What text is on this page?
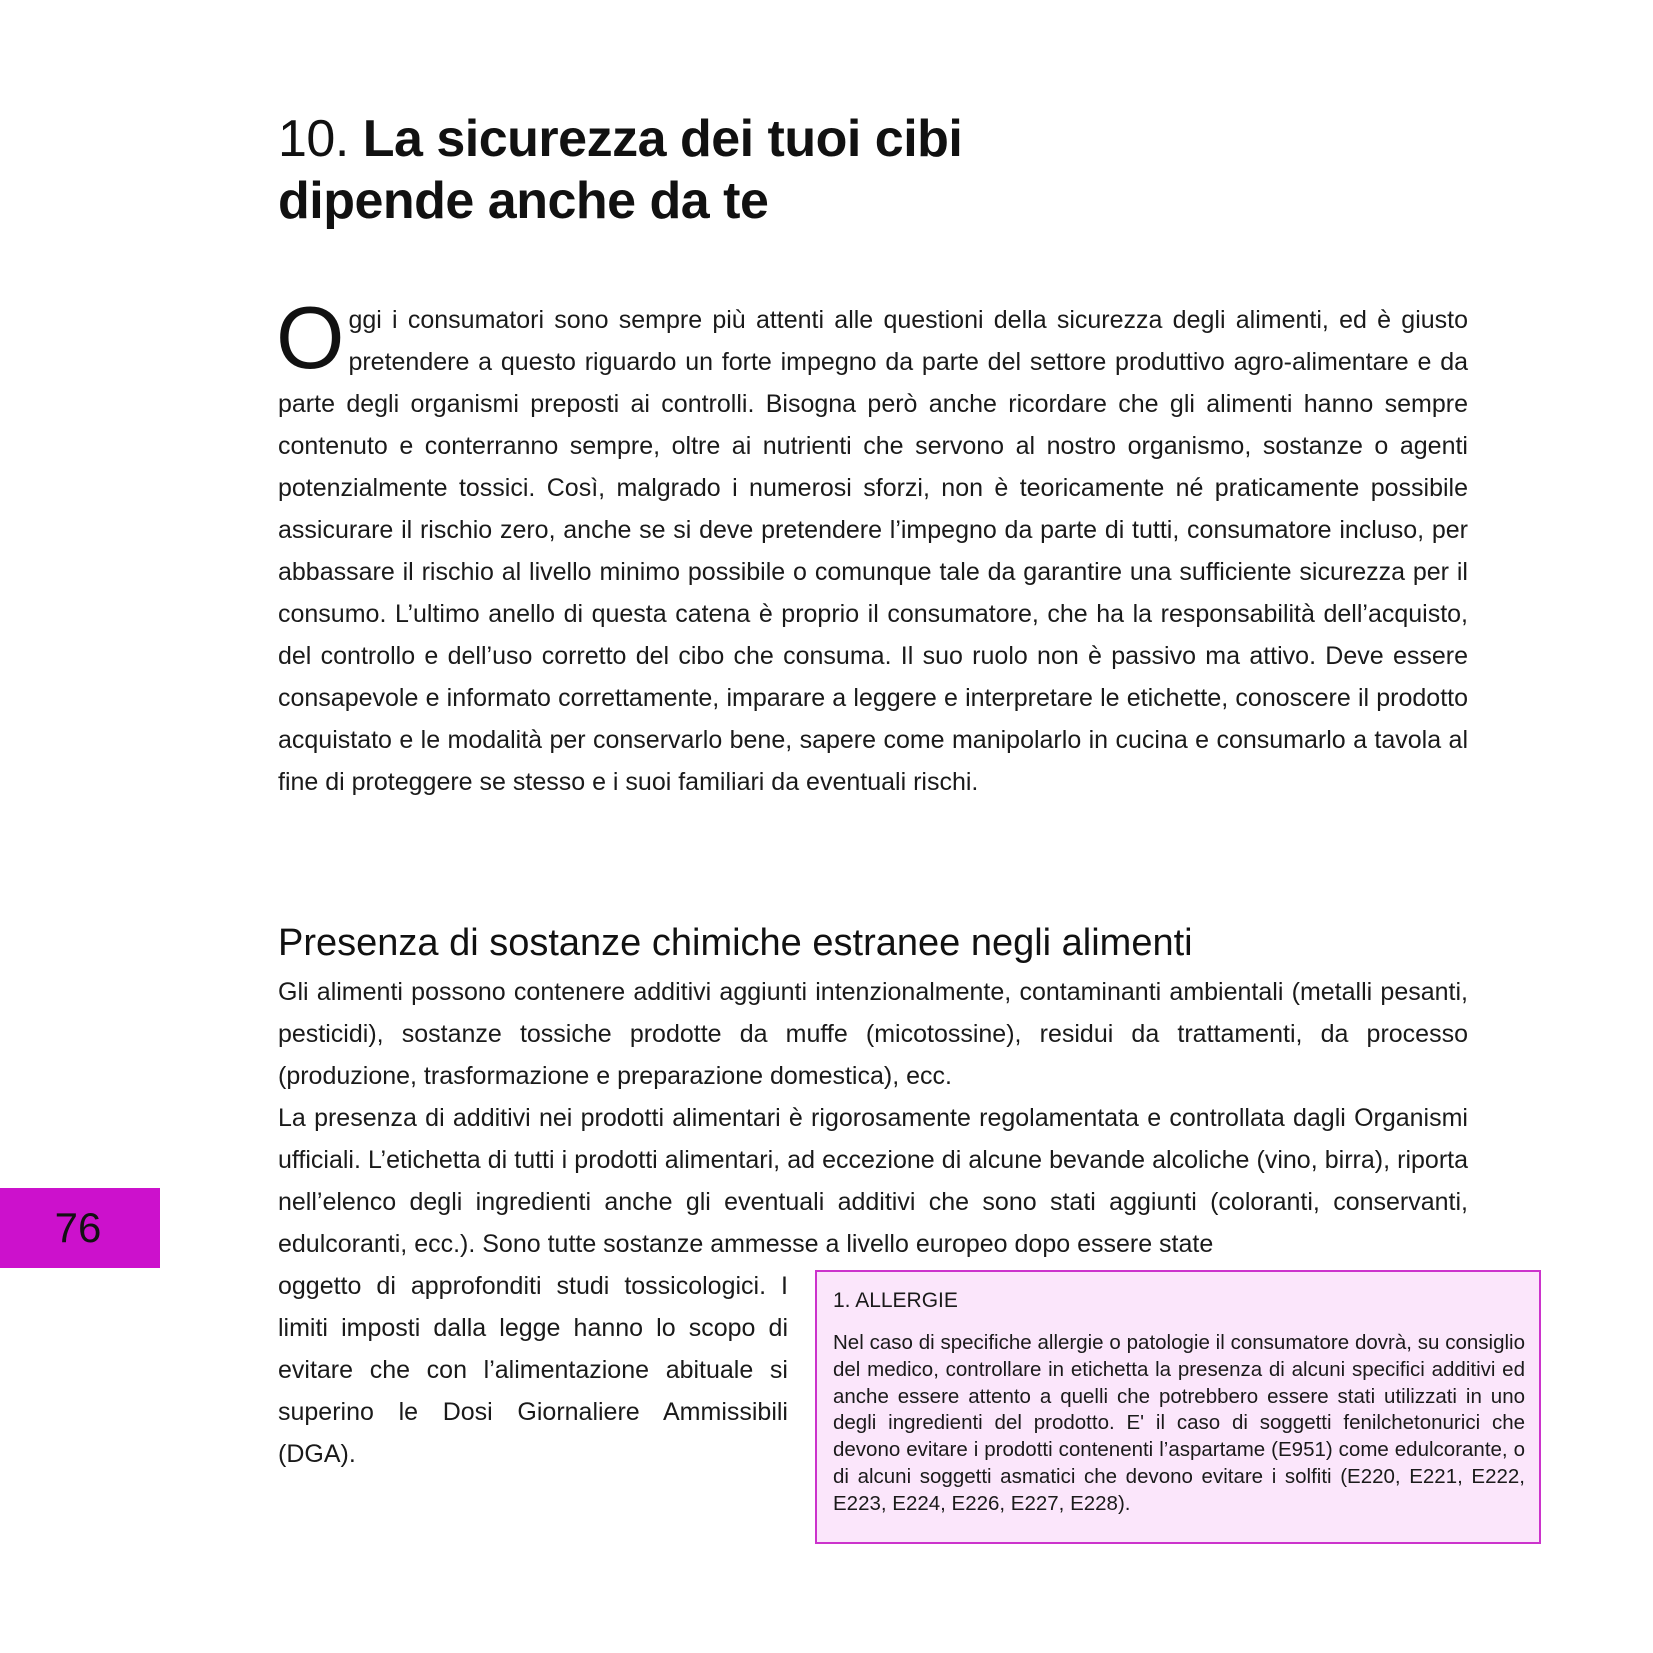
10. La sicurezza dei tuoi cibi
dipende anche da te
Oggi i consumatori sono sempre più attenti alle questioni della sicurezza degli alimenti, ed è giusto pretendere a questo riguardo un forte impegno da parte del settore produttivo agro-alimentare e da parte degli organismi preposti ai controlli. Bisogna però anche ricordare che gli alimenti hanno sempre contenuto e conterranno sempre, oltre ai nutrienti che servono al nostro organismo, sostanze o agenti potenzialmente tossici. Così, malgrado i numerosi sforzi, non è teoricamente né praticamente possibile assicurare il rischio zero, anche se si deve pretendere l’impegno da parte di tutti, consumatore incluso, per abbassare il rischio al livello minimo possibile o comunque tale da garantire una sufficiente sicurezza per il consumo. L’ultimo anello di questa catena è proprio il consumatore, che ha la responsabilità dell’acquisto, del controllo e dell’uso corretto del cibo che consuma. Il suo ruolo non è passivo ma attivo. Deve essere consapevole e informato correttamente, imparare a leggere e interpretare le etichette, conoscere il prodotto acquistato e le modalità per conservarlo bene, sapere come manipolarlo in cucina e consumarlo a tavola al fine di proteggere se stesso e i suoi familiari da eventuali rischi.
Presenza di sostanze chimiche estranee negli alimenti

Gli alimenti possono contenere additivi aggiunti intenzionalmente, contaminanti ambientali (metalli pesanti, pesticidi), sostanze tossiche prodotte da muffe (micotossine), residui da trattamenti, da processo (produzione, trasformazione e preparazione domestica), ecc.

La presenza di additivi nei prodotti alimentari è rigorosamente regolamentata e controllata dagli Organismi ufficiali. L’etichetta di tutti i prodotti alimentari, ad eccezione di alcune bevande alcoliche (vino, birra), riporta nell’elenco degli ingredienti anche gli eventuali additivi che sono stati aggiunti (coloranti, conservanti, edulcoranti, ecc.). Sono tutte sostanze ammesse a livello europeo dopo essere state

oggetto di approfonditi studi tossicologici. I limiti imposti dalla legge hanno lo scopo di evitare che con l’alimentazione abituale si superino le Dosi Giornaliere Ammissibili (DGA).

76

1. ALLERGIE

Nel caso di specifiche allergie o patologie il consumatore dovrà, su consiglio del medico, controllare in etichetta la presenza di alcuni specifici additivi ed anche essere attento a quelli che potrebbero essere stati utilizzati in uno degli ingredienti del prodotto. E' il caso di soggetti fenilchetonurici che devono evitare i prodotti contenenti l’aspartame (E951) come edulcorante, o di alcuni soggetti asmatici che devono evitare i solfiti (E220, E221, E222, E223, E224, E226, E227, E228).
